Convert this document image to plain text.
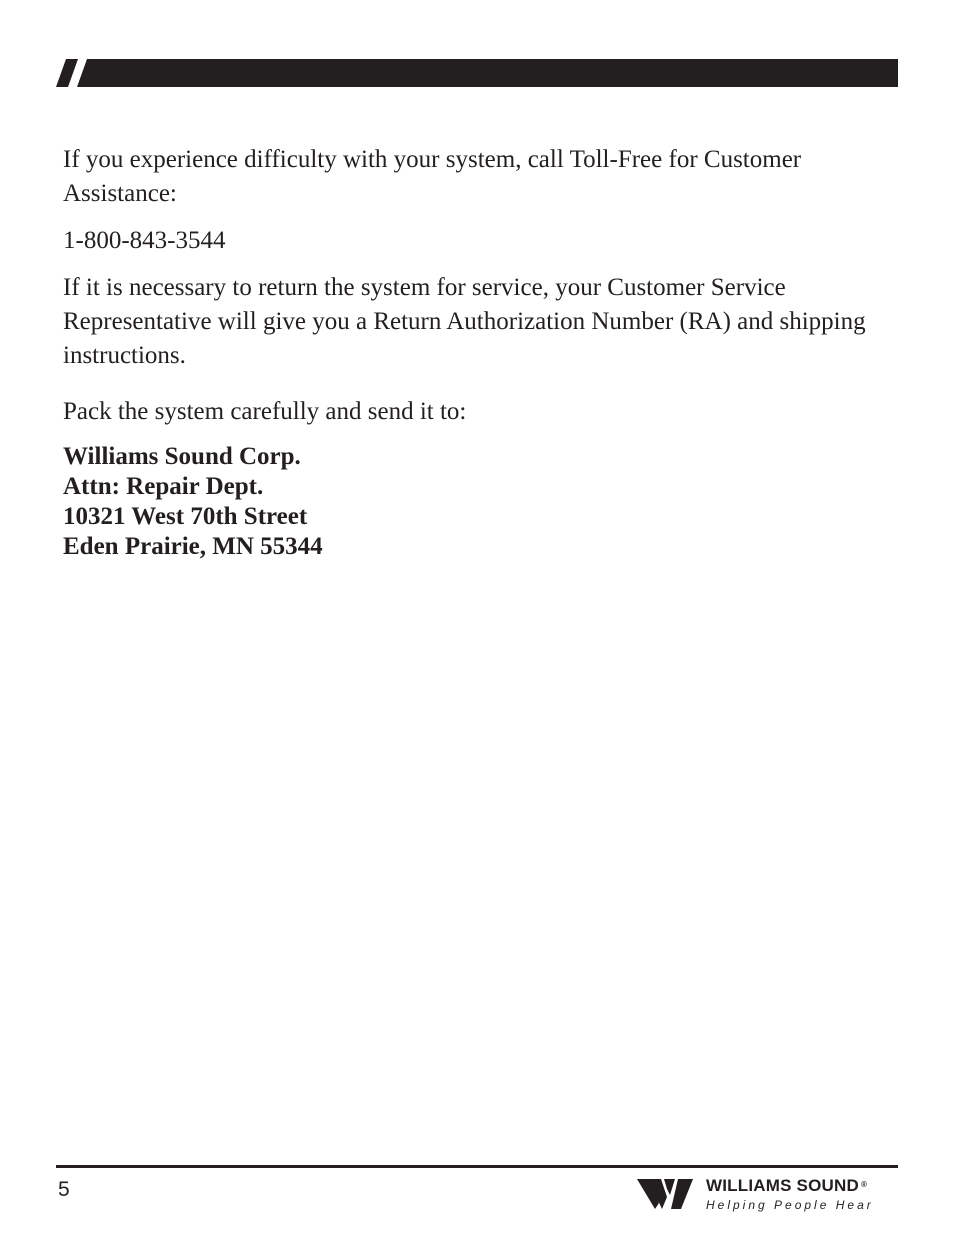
If you experience difficulty with your system, call Toll-Free for Customer Assistance:

1-800-843-3544

If it is necessary to return the system for service, your Customer Service Representative will give you a Return Authorization Number (RA) and shipping instructions.

Pack the system carefully and send it to:

Williams Sound Corp.
Attn: Repair Dept.
10321 West 70th Street
Eden Prairie, MN 55344
5	WILLIAMS SOUND ®
Helping People Hear
